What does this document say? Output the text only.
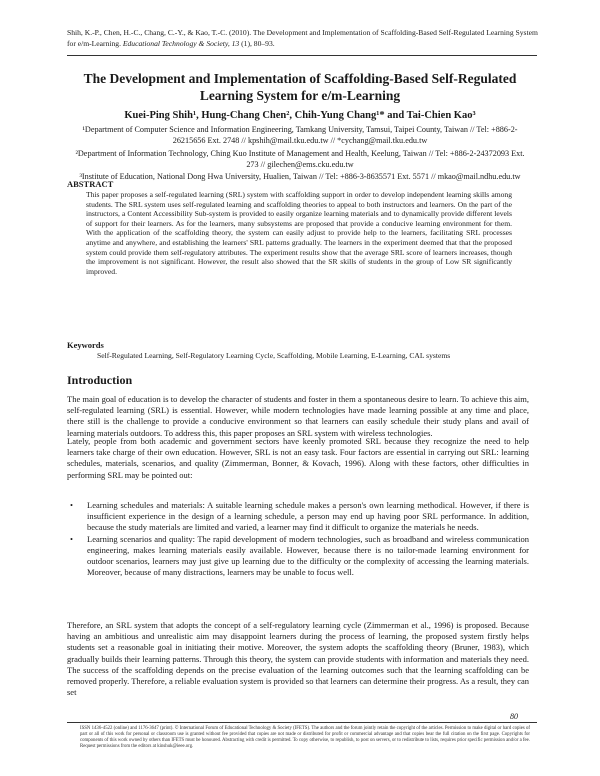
Shih, K.-P., Chen, H.-C., Chang, C.-Y., & Kao, T.-C. (2010). The Development and Implementation of Scaffolding-Based Self-Regulated Learning System for e/m-Learning. Educational Technology & Society, 13 (1), 80–93.
The Development and Implementation of Scaffolding-Based Self-Regulated Learning System for e/m-Learning
Kuei-Ping Shih¹, Hung-Chang Chen², Chih-Yung Chang¹* and Tai-Chien Kao³
¹Department of Computer Science and Information Engineering, Tamkang University, Tamsui, Taipei County, Taiwan // Tel: +886-2-26215656 Ext. 2748 // kpshih@mail.tku.edu.tw // *cychang@mail.tku.edu.tw
²Department of Information Technology, Ching Kuo Institute of Management and Health, Keelung, Taiwan // Tel: +886-2-24372093 Ext. 273 // gilechen@ems.cku.edu.tw
³Institute of Education, National Dong Hwa University, Hualien, Taiwan // Tel: +886-3-8635571 Ext. 5571 // mkao@mail.ndhu.edu.tw
ABSTRACT
This paper proposes a self-regulated learning (SRL) system with scaffolding support in order to develop independent learning skills among students. The SRL system uses self-regulated learning and scaffolding theories to appeal to both instructors and learners. On the part of the instructors, a Content Accessibility Sub-system is provided to easily organize learning materials and to dynamically provide different levels of support for their learners. As for the learners, many subsystems are proposed that provide a conducive learning environment for them. With the application of the scaffolding theory, the system can easily adjust to provide help to the learners, facilitating SRL processes anytime and anywhere, and establishing the learners' SRL patterns gradually. The learners in the experiment deemed that that the proposed system could provide them self-regulatory attributes. The experiment results show that the average SRL score of learners increases, though the improvement is not significant. However, the result also showed that the SR skills of students in the group of Low SR significantly improved.
Keywords
Self-Regulated Learning, Self-Regulatory Learning Cycle, Scaffolding, Mobile Learning, E-Learning, CAL systems
Introduction
The main goal of education is to develop the character of students and foster in them a spontaneous desire to learn. To achieve this aim, self-regulated learning (SRL) is essential. However, while modern technologies have made learning possible at any time and place, there still is the challenge to provide a conducive environment so that learners can easily schedule their study plans and avail of learning materials outdoors. To address this, this paper proposes an SRL system with wireless technologies.
Lately, people from both academic and government sectors have keenly promoted SRL because they recognize the need to help learners take charge of their own education. However, SRL is not an easy task. Four factors are essential in carrying out SRL: learning schedules, materials, scenarios, and quality (Zimmerman, Bonner, & Kovach, 1996). Along with these factors, other difficulties in performing SRL may be pointed out:
• Learning schedules and materials: A suitable learning schedule makes a person's own learning methodical. However, if there is insufficient experience in the design of a learning schedule, a person may end up having poor SRL performance. In addition, because the study materials are limited and varied, a learner may find it difficult to organize the materials he needs.
• Learning scenarios and quality: The rapid development of modern technologies, such as broadband and wireless communication engineering, makes learning materials easily available. However, because there is no tailor-made learning environment for outdoor scenarios, learners may just give up learning due to the difficulty or the complexity of accessing the learning materials. Moreover, because of many distractions, learners may be unable to focus well.
Therefore, an SRL system that adopts the concept of a self-regulatory learning cycle (Zimmerman et al., 1996) is proposed. Because having an ambitious and unrealistic aim may disappoint learners during the process of learning, the proposed system firstly helps students set a reasonable goal in initiating their motive. Moreover, the system adopts the scaffolding theory (Bruner, 1983), which gradually builds their learning patterns. Through this theory, the system can provide students with information and materials they need. The success of the scaffolding depends on the precise evaluation of the learning outcomes such that the learning scaffolding can be removed properly. Therefore, a reliable evaluation system is provided so that learners can determine their progress. As a result, they can set
80
ISSN 1436-4522 (online) and 1176-3647 (print). © International Forum of Educational Technology & Society (IFETS). The authors and the forum jointly retain the copyright of the articles. Permission to make digital or hard copies of part or all of this work for personal or classroom use is granted without fee provided that copies are not made or distributed for profit or commercial advantage and that copies bear the full citation on the first page. Copyrights for components of this work owned by others than IFETS must be honoured. Abstracting with credit is permitted. To copy otherwise, to republish, to post on servers, or to redistribute to lists, requires prior specific permission and/or a fee. Request permissions from the editors at kinshuk@ieee.org.
